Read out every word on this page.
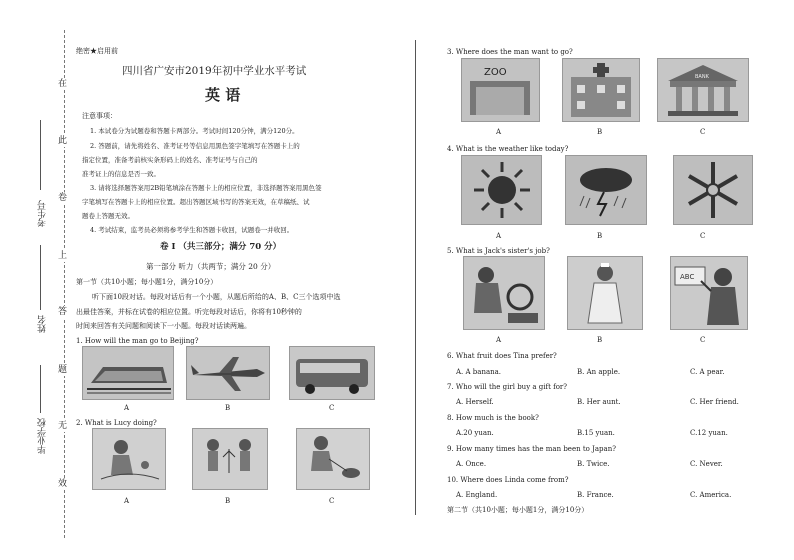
在
此
卷
上
答
题
无
效
考生号
姓名
毕业学校
绝密★启用前
四川省广安市2019年初中学业水平考试
英 语
注意事项：
1. 本试卷分为试题卷和答题卡两部分。考试时间120分钟，满分120分。
2. 答题前，请先将姓名、准考证号等信息用黑色签字笔填写在答题卡上的
指定位置，准备考前核实条形码上的姓名、准考证号与自己的
准考证上的信息是否一致。
3. 请将选择题答案用2B铅笔填涂在答题卡上的相应位置，非选择题答案用黑色签
字笔填写在答题卡上的相应位置。超出答题区域书写的答案无效，在草稿纸、试
题卷上答题无效。
4. 考试结束，监考员必须将参考学生和答题卡收回，试题卷一并收回。
卷 I （共三部分；满分 70 分）
第一部分 听力（共两节；满分 20 分）
第一节（共10小题；每小题1分，满分10分）
听下面10段对话。每段对话后有一个小题，从题后所给的A、B、C三个选项中选
出最佳答案，并标在试卷的相应位置。听完每段对话后，你将有10秒钟的
时间来回答有关问题和阅读下一小题。每段对话读两遍。
1. How will the man go to Beijing?
A	B	C
2. What is Lucy doing?
A	B	C
3. Where does the man want to go?
ZOO	BANK
A	B	C
4. What is the weather like today?
A	B	C
5. What is Jack's sister's job?
ABC
A	B	C
6. What fruit does Tina prefer?
A. A banana.	B. An apple.	C. A pear.
7. Who will the girl buy a gift for?
A. Herself.	B. Her aunt.	C. Her friend.
8. How much is the book?
A.20 yuan.	B.15 yuan.	C.12 yuan.
9. How many times has the man been to Japan?
A. Once.	B. Twice.	C. Never.
10. Where does Linda come from?
A. England.	B. France.	C. America.
第二节（共10小题；每小题1分，满分10分）
